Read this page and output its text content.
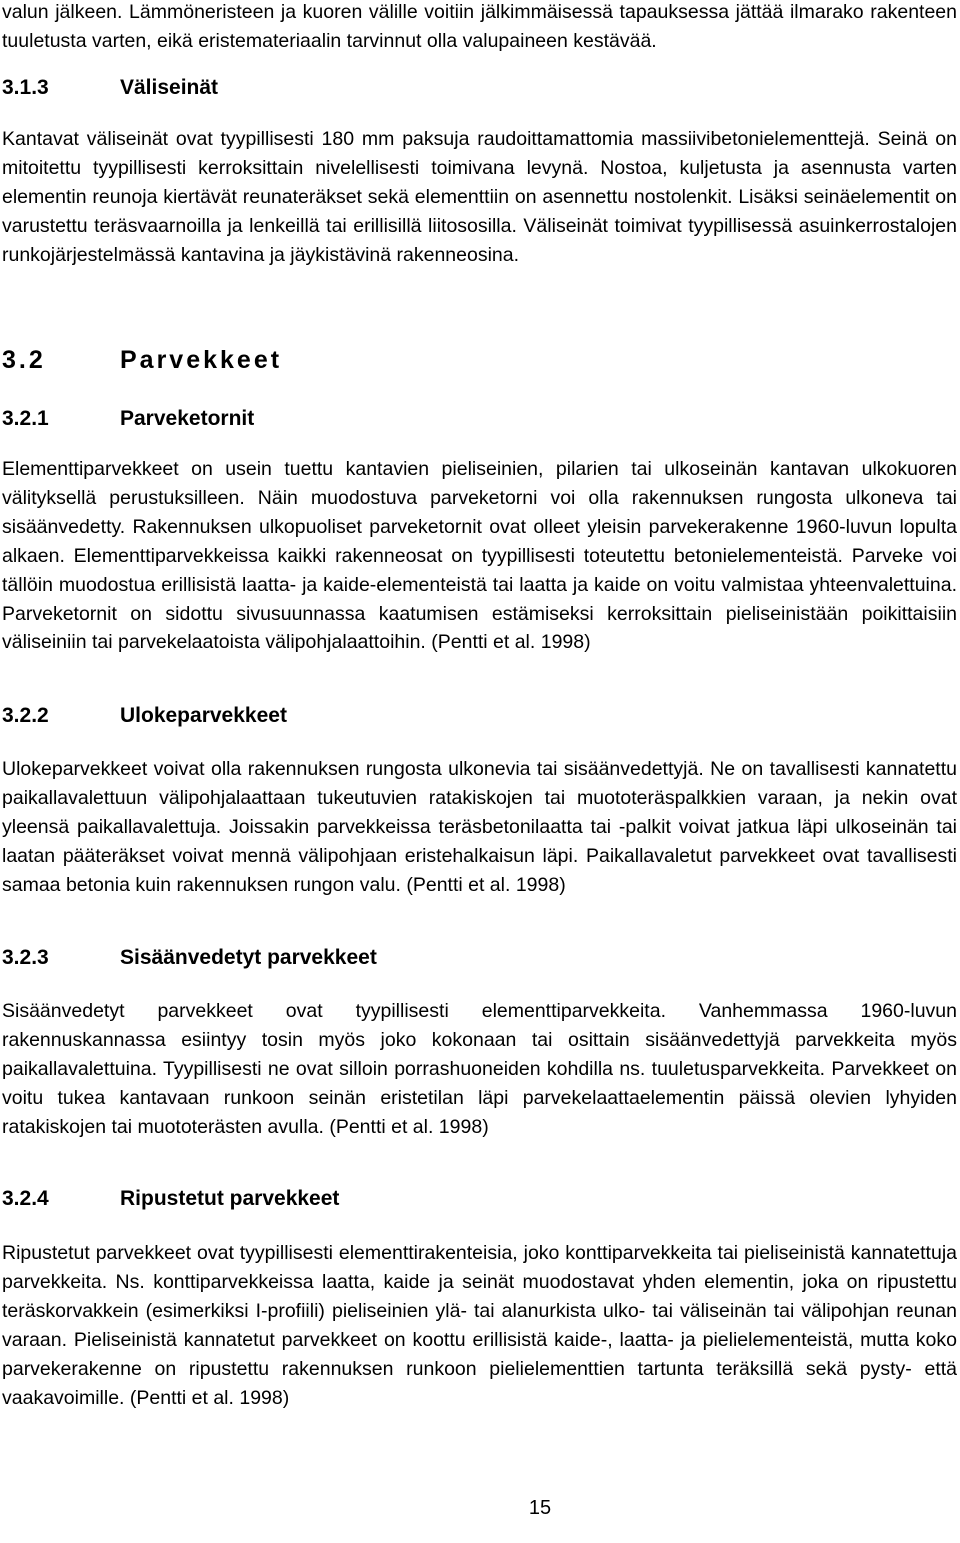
valun jälkeen. Lämmöneristeen ja kuoren välille voitiin jälkimmäisessä tapauksessa jättää ilmarako rakenteen tuuletusta varten, eikä eristemateriaalin tarvinnut olla valupaineen kestävää.

3.1.3	Väliseinät

Kantavat väliseinät ovat tyypillisesti 180 mm paksuja raudoittamattomia massiivibetonielementtejä. Seinä on mitoitettu tyypillisesti kerroksittain nivelellisesti toimivana levynä. Nostoa, kuljetusta ja asennusta varten elementin reunoja kiertävät reunateräkset sekä elementtiin on asennettu nostolenkit. Lisäksi seinäelementit on varustettu teräsvaarnoilla ja lenkeillä tai erillisillä liitososilla. Väliseinät toimivat tyypillisessä asuinkerrostalojen runkojärjestelmässä kantavina ja jäykistävinä rakenneosina.

3.2	Parvekkeet
3.2.1	Parveketornit

Elementtiparvekkeet on usein tuettu kantavien pieliseinien, pilarien tai ulkoseinän kantavan ulkokuoren välityksellä perustuksilleen. Näin muodostuva parveketorni voi olla rakennuksen rungosta ulkoneva tai sisäänvedetty. Rakennuksen ulkopuoliset parveketornit ovat olleet yleisin parvekerakenne 1960-luvun lopulta alkaen. Elementtiparvekkeissa kaikki rakenneosat on tyypillisesti toteutettu betonielementeistä. Parveke voi tällöin muodostua erillisistä laatta- ja kaide-elementeistä tai laatta ja kaide on voitu valmistaa yhteenvalettuina. Parveketornit on sidottu sivusuunnassa kaatumisen estämiseksi kerroksittain pieliseinistään poikittaisiin väliseiniin tai parvekelaatoista välipohjalaattoihin. (Pentti et al. 1998)

3.2.2	Ulokeparvekkeet

Ulokeparvekkeet voivat olla rakennuksen rungosta ulkonevia tai sisäänvedettyjä. Ne on tavallisesti kannatettu paikallavalettuun välipohjalaattaan tukeutuvien ratakiskojen tai muototeräspalkkien varaan, ja nekin ovat yleensä paikallavalettuja. Joissakin parvekkeissa teräsbetonilaatta tai -palkit voivat jatkua läpi ulkoseinän tai laatan pääteräkset voivat mennä välipohjaan eristehalkaisun läpi. Paikallavaletut parvekkeet ovat tavallisesti samaa betonia kuin rakennuksen rungon valu. (Pentti et al. 1998)

3.2.3	Sisäänvedetyt parvekkeet

Sisäänvedetyt parvekkeet ovat tyypillisesti elementtiparvekkeita. Vanhemmassa 1960-luvun rakennuskannassa esiintyy tosin myös joko kokonaan tai osittain sisäänvedettyjä parvekkeita myös paikallavalettuina. Tyypillisesti ne ovat silloin porrashuoneiden kohdilla ns. tuuletusparvekkeita. Parvekkeet on voitu tukea kantavaan runkoon seinän eristetilan läpi parvekelaattaelementin päissä olevien lyhyiden ratakiskojen tai muototerästen avulla. (Pentti et al. 1998)

3.2.4	Ripustetut parvekkeet

Ripustetut parvekkeet ovat tyypillisesti elementtirakenteisia, joko konttiparvekkeita tai pieliseinistä kannatettuja parvekkeita. Ns. konttiparvekkeissa laatta, kaide ja seinät muodostavat yhden elementin, joka on ripustettu teräskorvakkein (esimerkiksi I-profiili) pieliseinien ylä- tai alanurkista ulko- tai väliseinän tai välipohjan reunan varaan. Pieliseinistä kannatetut parvekkeet on koottu erillisistä kaide-, laatta- ja pielielementeistä, mutta koko parvekerakenne on ripustettu rakennuksen runkoon pielielementtien tartunta teräksillä sekä pysty- että vaakavoimille. (Pentti et al. 1998)

15
